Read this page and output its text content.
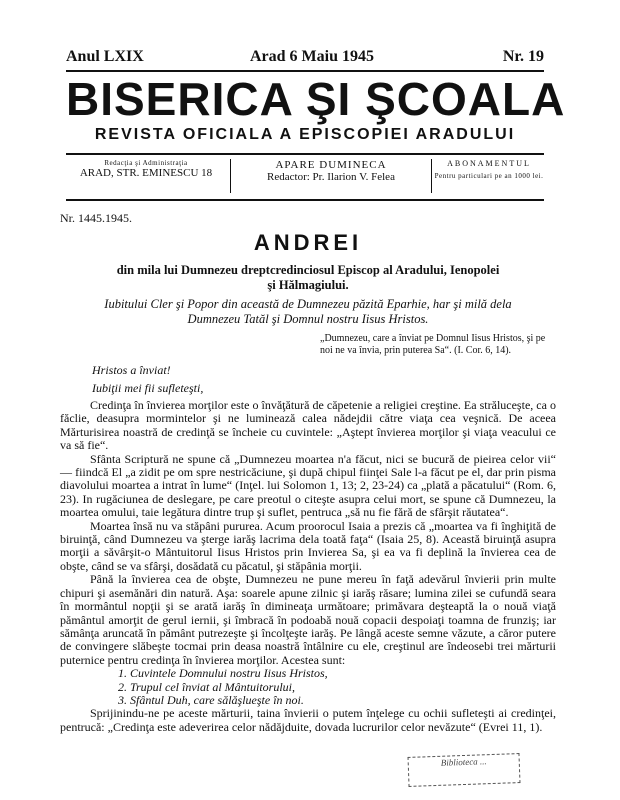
Anul LXIX	Arad 6 Maiu 1945	Nr. 19
BISERICA ŞI ŞCOALA
REVISTA OFICIALA A EPISCOPIEI ARADULUI
Redacţia şi Administraţia
ARAD, STR. EMINESCU 18
APARE DUMINECA
Redactor: Pr. Ilarion V. Felea
ABONAMENTUL
Pentru particulari pe an 1000 lei.
Nr. 1445.1945.
ANDREI
din mila lui Dumnezeu dreptcredinciosul Episcop al Aradului, Ienopolei
şi Hălmagiului.
Iubitului Cler şi Popor din această de Dumnezeu păzită Eparhie, har şi milă dela
Dumnezeu Tatăl şi Domnul nostru Iisus Hristos.
„Dumnezeu, care a înviat pe Domnul Iisus Hristos, şi pe noi ne va învia, prin puterea Sa“. (I. Cor. 6, 14).
Hristos a înviat!
Iubiţii mei fii sufleteşti,

Credinţa în învierea morţilor este o învăţătură de căpetenie a religiei creştine. Ea străluceşte, ca o făclie, deasupra mormintelor şi ne luminează calea nădejdii către viaţa cea veşnică. De aceea Mărturisirea noastră de credinţă se încheie cu cuvintele: „Aştept învierea morţilor şi viaţa veacului ce va să fie“.

Sfânta Scriptură ne spune că „Dumnezeu moartea n'a făcut, nici se bucură de pieirea celor vii“ — fiindcă El „a zidit pe om spre nestricăciune, şi după chipul fiinţei Sale l-a făcut pe el, dar prin pisma diavolului moartea a intrat în lume“ (Inţel. lui Solomon 1, 13; 2, 23-24) ca „plată a păcatului“ (Rom. 6, 23). In rugăciunea de deslegare, pe care preotul o citeşte asupra celui mort, se spune că Dumnezeu, la moartea omului, taie legătura dintre trup şi suflet, pentruca „să nu fie fără de sfârşit răutatea“.

Moartea însă nu va stăpâni pururea. Acum proorocul Isaia a prezis că „moartea va fi înghiţită de biruinţă, când Dumnezeu va şterge iarăş lacrima dela toată faţa“ (Isaia 25, 8). Această biruinţă asupra morţii a săvârşit-o Mântuitorul Iisus Hristos prin Invierea Sa, şi ea va fi deplină la învierea cea de obşte, când se va sfârşi, dosădată cu păcatul, şi stăpânia morţii.

Până la învierea cea de obşte, Dumnezeu ne pune mereu în faţă adevărul învierii prin multe chipuri şi asemănări din natură. Aşa: soarele apune zilnic şi iarăş răsare; lumina zilei se cufundă seara în mormântul nopţii şi se arată iarăş în dimineaţa următoare; primăvara deşteaptă la o nouă viaţă pământul amorţit de gerul iernii, şi îmbracă în podoabă nouă copacii despoiaţi toamna de frunziş; iar sămânţa aruncată în pământ putrezeşte şi încolţeşte iarăş. Pe lângă aceste semne văzute, a căror putere de convingere slăbeşte tocmai prin deasa noastră întâlnire cu ele, creştinul are îndeosebi trei mărturii puternice pentru credinţa în învierea morţilor. Acestea sunt:

1. Cuvintele Domnului nostru Iisus Hristos,

2. Trupul cel înviat al Mântuitorului,

3. Sfântul Duh, care sălăşlueşte în noi.

Sprijinindu-ne pe aceste mărturii, taina învierii o putem înţelege cu ochii sufleteşti ai credinţei, pentrucă: „Credinţa este adeverirea celor nădăjduite, dovada lucrurilor celor nevăzute“ (Evrei 11, 1).

Biblioteca ...
